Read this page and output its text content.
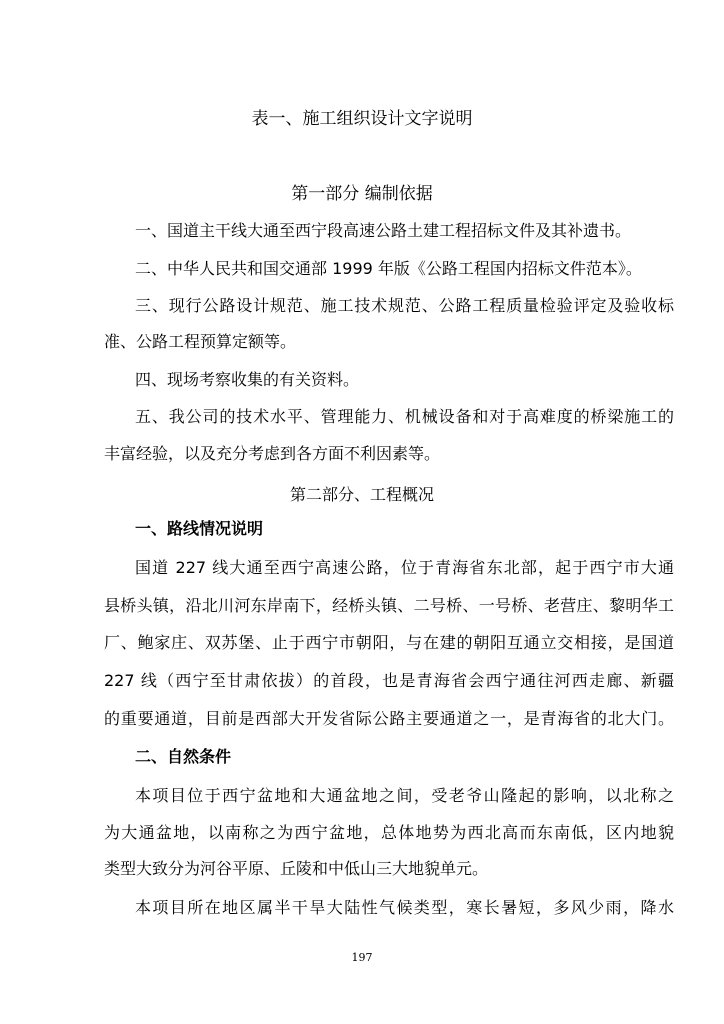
表一、施工组织设计文字说明
第一部分 编制依据
一、国道主干线大通至西宁段高速公路土建工程招标文件及其补遗书。
二、中华人民共和国交通部 1999 年版《公路工程国内招标文件范本》。
三、现行公路设计规范、施工技术规范、公路工程质量检验评定及验收标
准、公路工程预算定额等。
四、现场考察收集的有关资料。
五、我公司的技术水平、管理能力、机械设备和对于高难度的桥梁施工的
丰富经验，以及充分考虑到各方面不利因素等。
第二部分、工程概况
一、路线情况说明
国道 227 线大通至西宁高速公路，位于青海省东北部，起于西宁市大通
县桥头镇，沿北川河东岸南下，经桥头镇、二号桥、一号桥、老营庄、黎明华工
厂、鲍家庄、双苏堡、止于西宁市朝阳，与在建的朝阳互通立交相接，是国道
227 线（西宁至甘肃依拔）的首段，也是青海省会西宁通往河西走廊、新疆
的重要通道，目前是西部大开发省际公路主要通道之一，是青海省的北大门。
二、自然条件
本项目位于西宁盆地和大通盆地之间，受老爷山隆起的影响，以北称之
为大通盆地，以南称之为西宁盆地，总体地势为西北高而东南低，区内地貌
类型大致分为河谷平原、丘陵和中低山三大地貌单元。
本项目所在地区属半干旱大陆性气候类型，寒长暑短，多风少雨，降水
197
